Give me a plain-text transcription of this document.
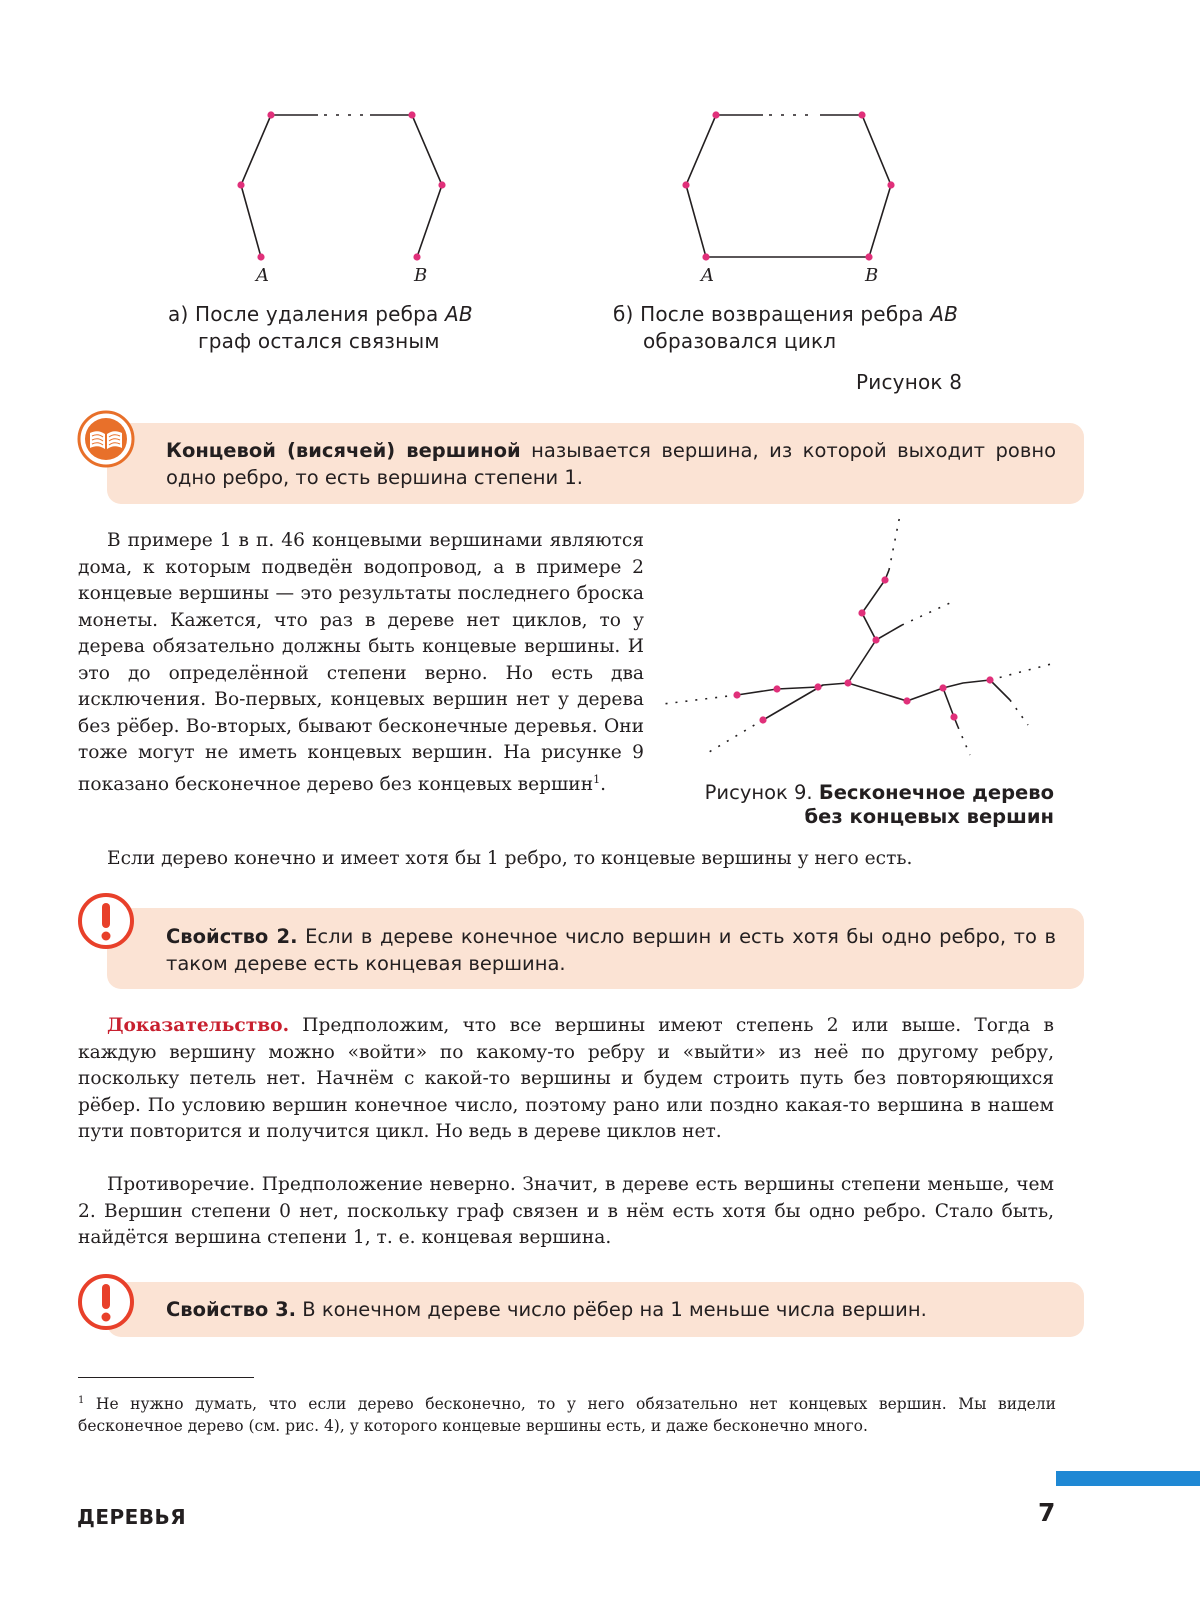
A	B	A	B
а) После удаления ребра AB
граф остался связным
б) После возвращения ребра AB
образовался цикл
Рисунок 8
Концевой (висячей) вершиной называется вершина, из которой выходит ровно одно ребро, то есть вершина степени 1.
В примере 1 в п. 46 концевыми вершинами являются дома, к которым подведён водопровод, а в примере 2 концевые вершины — это результаты последнего броска монеты. Кажется, что раз в дереве нет циклов, то у дерева обязательно должны быть концевые вершины. И это до определённой степени верно. Но есть два исключения. Во-первых, концевых вершин нет у дерева без рёбер. Во-вторых, бывают бесконечные деревья. Они тоже могут не иметь концевых вершин. На рисунке 9 показано бесконечное дерево без концевых вершин$^1$.	Рисунок 9. Бесконечное дерево
без концевых вершин
Если дерево конечно и имеет хотя бы 1 ребро, то концевые вершины у него есть.
Свойство 2. Если в дереве конечное число вершин и есть хотя бы одно ребро, то в таком дереве есть концевая вершина.
Доказательство. Предположим, что все вершины имеют степень 2 или выше. Тогда в каждую вершину можно «войти» по какому-то ребру и «выйти» из неё по другому ребру, поскольку петель нет. Начнём с какой-то вершины и будем строить путь без повторяющихся рёбер. По условию вершин конечное число, поэтому рано или поздно какая-то вершина в нашем пути повторится и получится цикл. Но ведь в дереве циклов нет.
Противоречие. Предположение неверно. Значит, в дереве есть вершины степени меньше, чем 2. Вершин степени 0 нет, поскольку граф связен и в нём есть хотя бы одно ребро. Стало быть, найдётся вершина степени 1, т. е. концевая вершина.
Свойство 3. В конечном дереве число рёбер на 1 меньше числа вершин.
$^1$ Не нужно думать, что если дерево бесконечно, то у него обязательно нет концевых вершин. Мы видели бесконечное дерево (см. рис. 4), у которого концевые вершины есть, и даже бесконечно много.
ДЕРЕВЬЯ	7
